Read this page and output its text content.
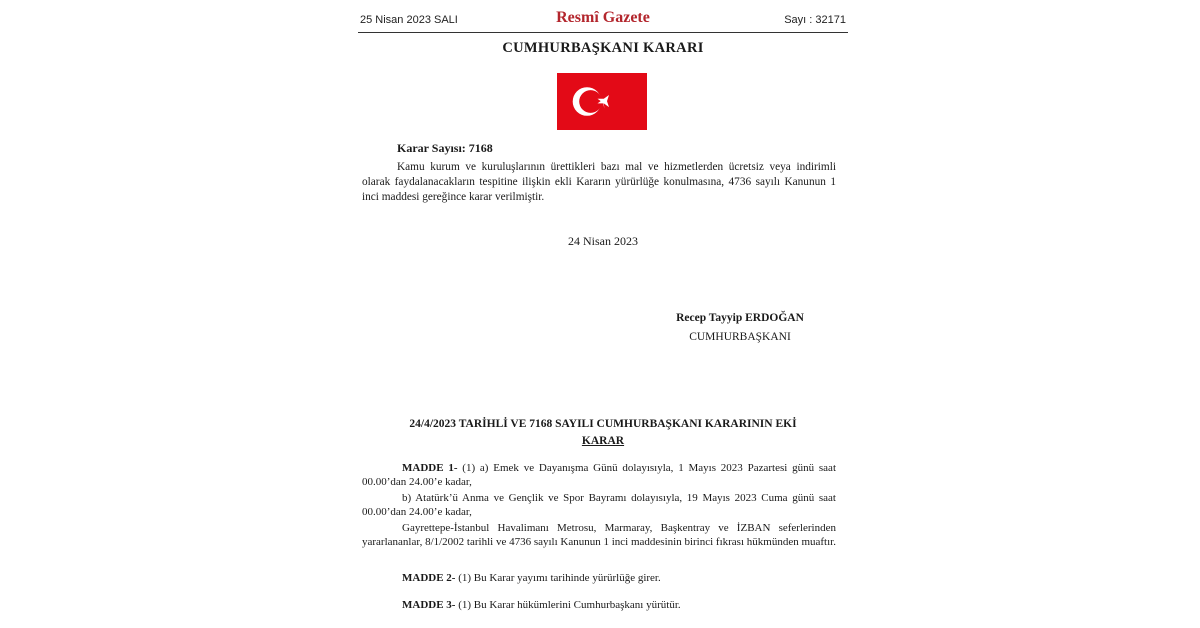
25 Nisan 2023 SALI	Resmî Gazete	Sayı : 32171
CUMHURBAŞKANI KARARI
Karar Sayısı: 7168

Kamu kurum ve kuruluşlarının ürettikleri bazı mal ve hizmetlerden ücretsiz veya indirimli olarak faydalanacakların tespitine ilişkin ekli Kararın yürürlüğe konulmasına, 4736 sayılı Kanunun 1 inci maddesi gereğince karar verilmiştir.

24 Nisan 2023
Recep Tayyip ERDOĞAN
CUMHURBAŞKANI
24/4/2023 TARİHLİ VE 7168 SAYILI CUMHURBAŞKANI KARARININ EKİ
KARAR

MADDE 1- (1) a) Emek ve Dayanışma Günü dolayısıyla, 1 Mayıs 2023 Pazartesi günü saat 00.00’dan 24.00’e kadar,

b) Atatürk’ü Anma ve Gençlik ve Spor Bayramı dolayısıyla, 19 Mayıs 2023 Cuma günü saat 00.00’dan 24.00’e kadar,

Gayrettepe-İstanbul Havalimanı Metrosu, Marmaray, Başkentray ve İZBAN seferlerinden yararlananlar, 8/1/2002 tarihli ve 4736 sayılı Kanunun 1 inci maddesinin birinci fıkrası hükmünden muaftır.

MADDE 2- (1) Bu Karar yayımı tarihinde yürürlüğe girer.

MADDE 3- (1) Bu Karar hükümlerini Cumhurbaşkanı yürütür.
